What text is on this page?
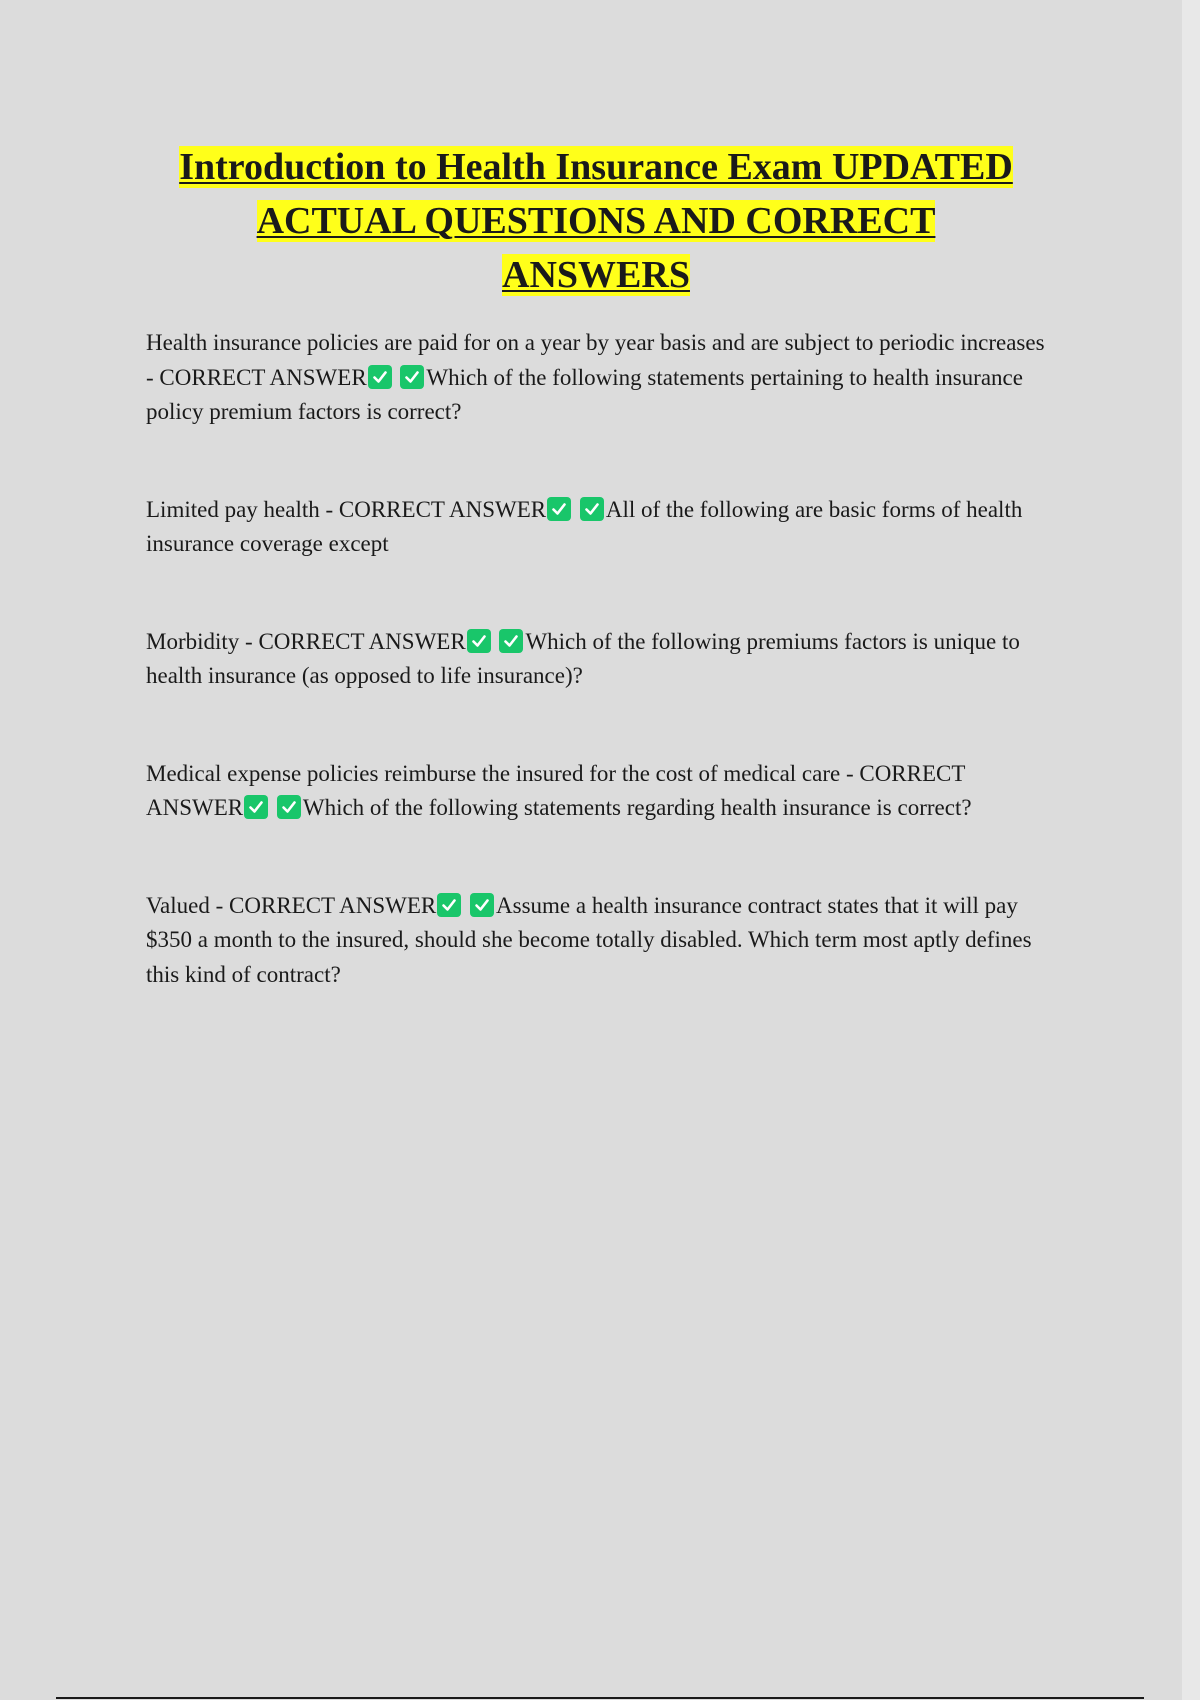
Introduction to Health Insurance Exam UPDATED
ACTUAL QUESTIONS AND CORRECT
ANSWERS

Health insurance policies are paid for on a year by year basis and are subject to periodic increases - CORRECT ANSWER
	Which of the following statements pertaining to health insurance policy premium factors is correct?

Limited pay health - CORRECT ANSWER
	All of the following are basic forms of health insurance coverage except

Morbidity - CORRECT ANSWER
	Which of the following premiums factors is unique to health insurance (as opposed to life insurance)?

Medical expense policies reimburse the insured for the cost of medical care - CORRECT ANSWER
	Which of the following statements regarding health insurance is correct?

Valued - CORRECT ANSWER
	Assume a health insurance contract states that it will pay $350 a month to the insured, should she become totally disabled. Which term most aptly defines this kind of contract?
